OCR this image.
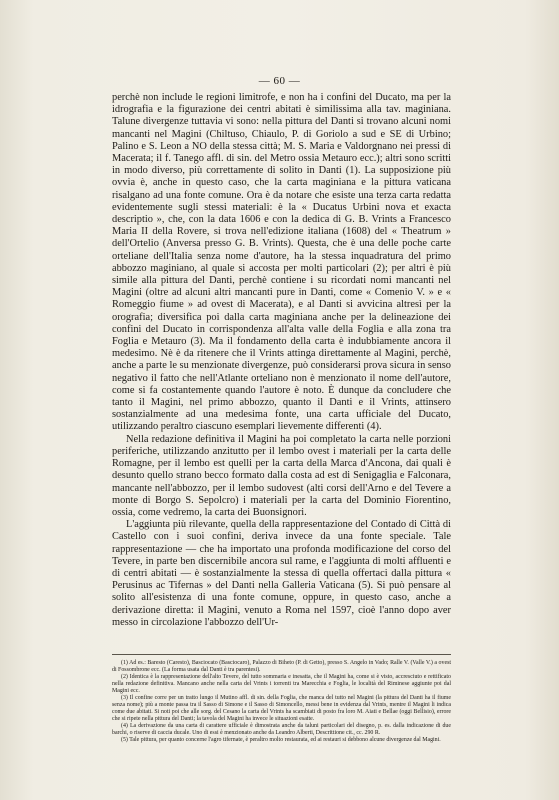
— 60 —

perchè non include le regioni limitrofe, e non ha i confini del Ducato, ma per la idrografia e la figurazione dei centri abitati è similissima alla tav. maginiana. Talune divergenze tuttavia vi sono: nella pittura del Danti si trovano alcuni nomi mancanti nel Magini (Chiltuso, Chiaulo, P. di Goriolo a sud e SE di Urbino; Palino e S. Leon a NO della stessa città; M. S. Maria e Valdorgnano nei pressi di Macerata; il f. Tanego affl. di sin. del Metro ossia Metauro ecc.); altri sono scritti in modo diverso, più correttamente di solito in Danti (1). La supposizione più ovvia è, anche in questo caso, che la carta maginiana e la pittura vaticana risalgano ad una fonte comune. Ora è da notare che esiste una terza carta redatta evidentemente sugli stessi materiali: è la « Ducatus Urbini nova et exacta descriptio », che, con la data 1606 e con la dedica di G. B. Vrints a Francesco Maria II della Rovere, si trova nell'edizione italiana (1608) del « Theatrum » dell'Ortelio (Anversa presso G. B. Vrints). Questa, che è una delle poche carte orteliane dell'Italia senza nome d'autore, ha la stessa inquadratura del primo abbozzo maginiano, al quale si accosta per molti particolari (2); per altri è più simile alla pittura del Danti, perchè contiene i su ricordati nomi mancanti nel Magini (oltre ad alcuni altri mancanti pure in Danti, come « Comenio V. » e « Romeggio fiume » ad ovest di Macerata), e al Danti si avvicina altresì per la orografia; diversifica poi dalla carta maginiana anche per la delineazione dei confini del Ducato in corrispondenza all'alta valle della Foglia e alla zona tra Foglia e Metauro (3). Ma il fondamento della carta è indubbiamente ancora il medesimo. Nè è da ritenere che il Vrints attinga direttamente al Magini, perchè, anche a parte le su menzionate divergenze, può considerarsi prova sicura in senso negativo il fatto che nell'Atlante orteliano non è menzionato il nome dell'autore, come si fa costantemente quando l'autore è noto. È dunque da concludere che tanto il Magini, nel primo abbozzo, quanto il Danti e il Vrints, attinsero sostanzialmente ad una medesima fonte, una carta ufficiale del Ducato, utilizzando peraltro ciascuno esemplari lievemente differenti (4).

Nella redazione definitiva il Magini ha poi completato la carta nelle porzioni periferiche, utilizzando anzitutto per il lembo ovest i materiali per la carta delle Romagne, per il lembo est quelli per la carta della Marca d'Ancona, dai quali è desunto quello strano becco formato dalla costa ad est di Senigaglia e Falconara, mancante nell'abbozzo, per il lembo sudovest (alti corsi dell'Arno e del Tevere a monte di Borgo S. Sepolcro) i materiali per la carta del Dominio Fiorentino, ossia, come vedremo, la carta dei Buonsignori.

L'aggiunta più rilevante, quella della rappresentazione del Contado di Città di Castello con i suoi confini, deriva invece da una fonte speciale. Tale rappresentazione — che ha importato una profonda modificazione del corso del Tevere, in parte ben discernibile ancora sul rame, e l'aggiunta di molti affluenti e di centri abitati — è sostanzialmente la stessa di quella offertaci dalla pittura « Perusinus ac Tifernas » del Danti nella Galleria Vaticana (5). Si può pensare al solito all'esistenza di una fonte comune, oppure, in questo caso, anche a derivazione diretta: il Magini, venuto a Roma nel 1597, cioè l'anno dopo aver messo in circolazione l'abbozzo dell'Ur-

(1) Ad es.: Baresto (Caresto), Basciocato (Basciocaro), Palazzo di Biheto (P. di Getto), presso S. Angelo in Vado; Ralle V. (Valle V.) a ovest di Fossombrone ecc. (La forma usata dal Danti è tra parentesi).

(2) Identica è la rappresentazione dell'alto Tevere, del tutto sommaria e inesatta, che il Magini ha, come si è visto, accresciuto e rettificato nella redazione definitiva. Mancano anche nella carta del Vrints i torrenti tra Marecchia e Foglia, le località del Riminese aggiunte poi dal Magini ecc.

(3) Il confine corre per un tratto lungo il Mutino affl. di sin. della Foglia, che manca del tutto nel Magini (la pittura del Danti ha il fiume senza nome); più a monte passa tra il Sasso di Simone e il Sasso di Simoncello, messi bene in evidenza dal Vrints, mentre il Magini li indica come due abitati. Si noti poi che alle sorg. del Cesano la carta del Vrints ha scambiati di posto fra loro M. Aiati e Bellae (oggi Bellisio), errore che si ripete nella pittura del Danti; la tavola del Magini ha invece le situazioni esatte.

(4) La derivazione da una carta di carattere ufficiale è dimostrata anche da taluni particolari del disegno, p. es. dalla indicazione di due barchi, o riserve di caccia ducale. Uno di essi è menzionato anche da Leandro Alberti, Descrittione cit., cc. 290 R.

(5) Tale pittura, per quanto concerne l'agro tifernate, è peraltro molto restaurata, ed ai restauri si debbono alcune divergenze dal Magini.
